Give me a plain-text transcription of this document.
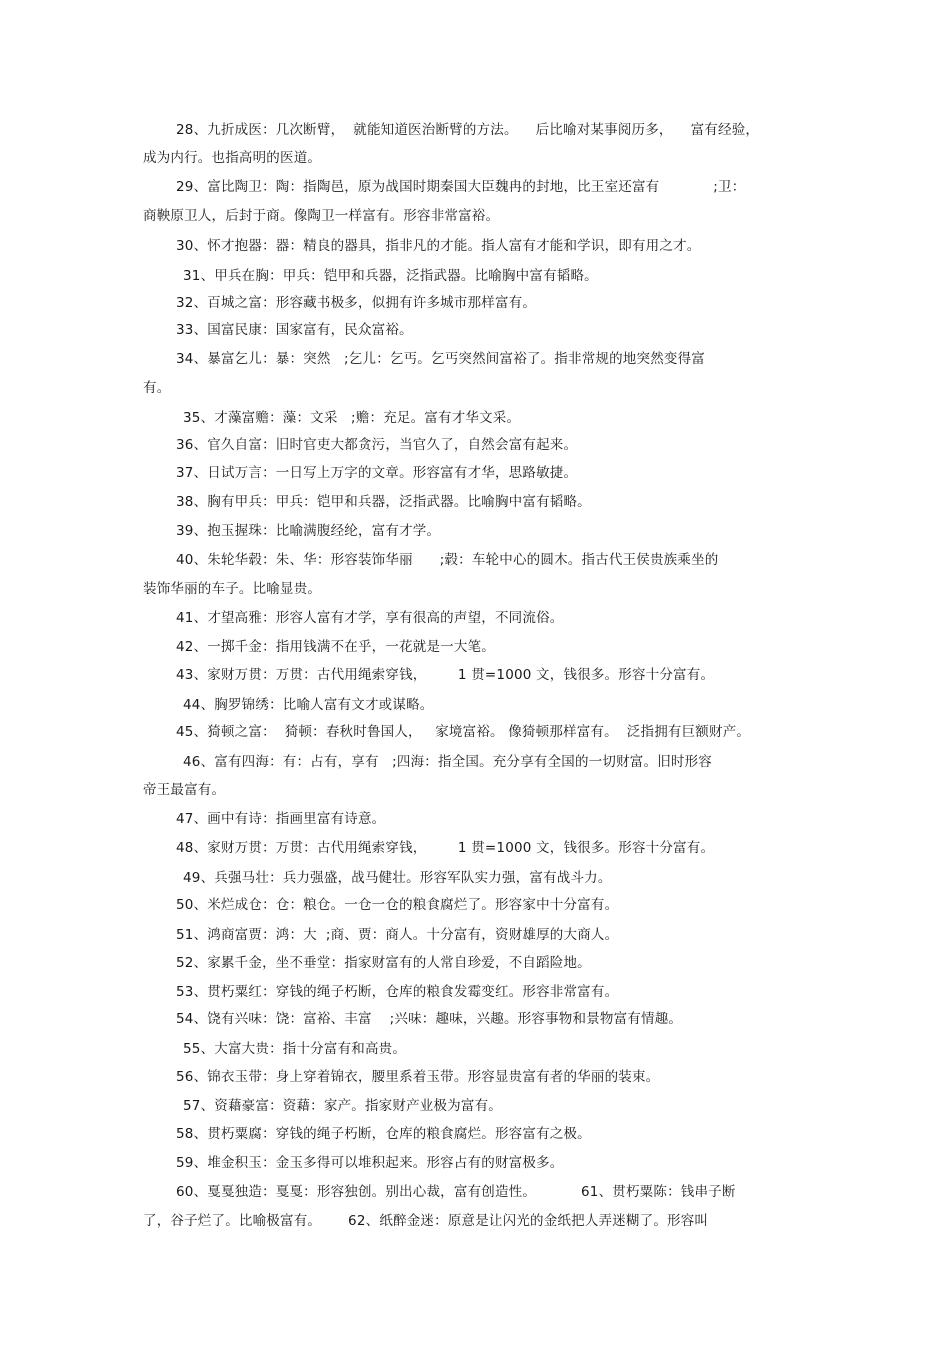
28、九折成医：几次断臂，  就能知道医治断臂的方法。    后比喻对某事阅历多，    富有经验，
成为内行。也指高明的医道。
29、富比陶卫：陶：指陶邑，原为战国时期秦国大臣魏冉的封地，比王室还富有            ;卫：
商鞅原卫人，后封于商。像陶卫一样富有。形容非常富裕。
30、怀才抱器：器：精良的器具，指非凡的才能。指人富有才能和学识，即有用之才。
31、甲兵在胸：甲兵：铠甲和兵器，泛指武器。比喻胸中富有韬略。
32、百城之富：形容藏书极多，似拥有许多城市那样富有。
33、国富民康：国家富有，民众富裕。
34、暴富乞儿：暴：突然   ;乞儿：乞丐。乞丐突然间富裕了。指非常规的地突然变得富
有。
35、才藻富赡：藻：文采   ;赡：充足。富有才华文采。
36、官久自富：旧时官吏大都贪污，当官久了，自然会富有起来。
37、日试万言：一日写上万字的文章。形容富有才华，思路敏捷。
38、胸有甲兵：甲兵：铠甲和兵器，泛指武器。比喻胸中富有韬略。
39、抱玉握珠：比喻满腹经纶，富有才学。
40、朱轮华毂：朱、华：形容装饰华丽      ;毂：车轮中心的圆木。指古代王侯贵族乘坐的
装饰华丽的车子。比喻显贵。
41、才望高雅：形容人富有才学，享有很高的声望，不同流俗。
42、一掷千金：指用钱满不在乎，一花就是一大笔。
43、家财万贯：万贯：古代用绳索穿钱，       1 贯=1000 文，钱很多。形容十分富有。
44、胸罗锦绣：比喻人富有文才或谋略。
45、猗顿之富：  猗顿：春秋时鲁国人，   家境富裕。 像猗顿那样富有。  泛指拥有巨额财产。
46、富有四海：有：占有，享有   ;四海：指全国。充分享有全国的一切财富。旧时形容
帝王最富有。
47、画中有诗：指画里富有诗意。
48、家财万贯：万贯：古代用绳索穿钱，       1 贯=1000 文，钱很多。形容十分富有。
49、兵强马壮：兵力强盛，战马健壮。形容军队实力强，富有战斗力。
50、米烂成仓：仓：粮仓。一仓一仓的粮食腐烂了。形容家中十分富有。
51、鸿商富贾：鸿：大  ;商、贾：商人。十分富有，资财雄厚的大商人。
52、家累千金，坐不垂堂：指家财富有的人常自珍爱，不自蹈险地。
53、贯朽粟红：穿钱的绳子朽断，仓库的粮食发霉变红。形容非常富有。
54、饶有兴味：饶：富裕、丰富    ;兴味：趣味，兴趣。形容事物和景物富有情趣。
55、大富大贵：指十分富有和高贵。
56、锦衣玉带：身上穿着锦衣，腰里系着玉带。形容显贵富有者的华丽的装束。
57、资藉豪富：资藉：家产。指家财产业极为富有。
58、贯朽粟腐：穿钱的绳子朽断，仓库的粮食腐烂。形容富有之极。
59、堆金积玉：金玉多得可以堆积起来。形容占有的财富极多。
60、戛戛独造：戛戛：形容独创。别出心裁，富有创造性。          61、贯朽粟陈：钱串子断
了，谷子烂了。比喻极富有。      62、纸醉金迷：原意是让闪光的金纸把人弄迷糊了。形容叫
